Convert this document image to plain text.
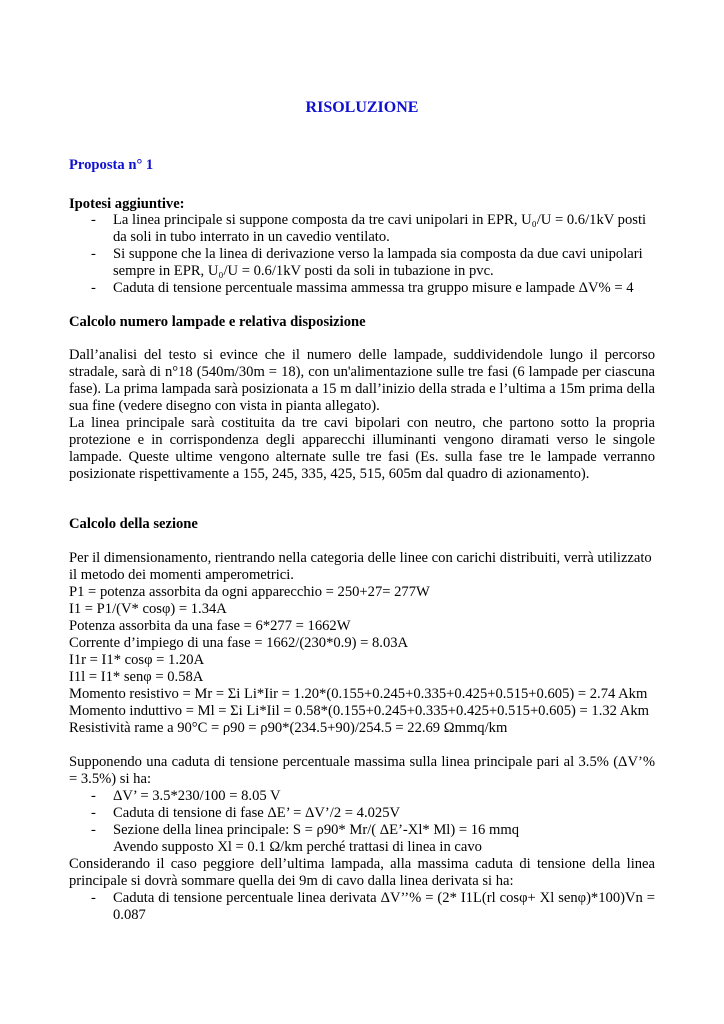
RISOLUZIONE
Proposta n° 1
Ipotesi aggiuntive:
- La linea principale si suppone composta da tre cavi unipolari in EPR, U₀/U = 0.6/1kV posti
da soli in tubo interrato in un cavedio ventilato.
- Si suppone che la linea di derivazione verso la lampada sia composta da due cavi unipolari
sempre in EPR, U₀/U = 0.6/1kV posti da soli in tubazione in pvc.
- Caduta di tensione percentuale massima ammessa tra gruppo misure e lampade ΔV% = 4
Calcolo numero lampade e relativa disposizione
Dall’analisi del testo si evince che il numero delle lampade, suddividendole lungo il percorso
stradale, sarà di n°18 (540m/30m = 18), con un'alimentazione sulle tre fasi (6 lampade per ciascuna
fase). La prima lampada sarà posizionata a 15 m dall’inizio della strada e l’ultima a 15m prima della
sua fine (vedere disegno con vista in pianta allegato).
La linea principale sarà costituita da tre cavi bipolari con neutro, che partono sotto la propria
protezione e in corrispondenza degli apparecchi illuminanti vengono diramati verso le singole
lampade. Queste ultime vengono alternate sulle tre fasi (Es. sulla fase tre le lampade verranno
posizionate rispettivamente a 155, 245, 335, 425, 515, 605m dal quadro di azionamento).
Calcolo della sezione
Per il dimensionamento, rientrando nella categoria delle linee con carichi distribuiti, verrà utilizzato
il metodo dei momenti amperometrici.
P1 = potenza assorbita da ogni apparecchio = 250+27= 277W
I1 = P1/(V* cosφ) = 1.34A
Potenza assorbita da una fase = 6*277 = 1662W
Corrente d’impiego di una fase = 1662/(230*0.9) = 8.03A
I1r = I1* cosφ = 1.20A
I1l = I1* senφ = 0.58A
Momento resistivo = Mr = Σi Li*Iir = 1.20*(0.155+0.245+0.335+0.425+0.515+0.605) = 2.74 Akm
Momento induttivo = Ml = Σi Li*Iil = 0.58*(0.155+0.245+0.335+0.425+0.515+0.605) = 1.32 Akm
Resistività rame a 90°C = ρ90 = ρ90*(234.5+90)/254.5 = 22.69 Ωmmq/km
Supponendo una caduta di tensione percentuale massima sulla linea principale pari al 3.5% (ΔV’%
= 3.5%) si ha:
- ΔV’ = 3.5*230/100 = 8.05 V
- Caduta di tensione di fase ΔE’ = ΔV’/2 = 4.025V
- Sezione della linea principale: S = ρ90* Mr/( ΔE’-Xl* Ml) = 16 mmq
Avendo supposto Xl = 0.1 Ω/km perché trattasi di linea in cavo
Considerando il caso peggiore dell’ultima lampada, alla massima caduta di tensione della linea
principale si dovrà sommare quella dei 9m di cavo dalla linea derivata si ha:
- Caduta di tensione percentuale linea derivata ΔV’’% = (2* I1L(rl cosφ+ Xl senφ)*100)Vn =
0.087
